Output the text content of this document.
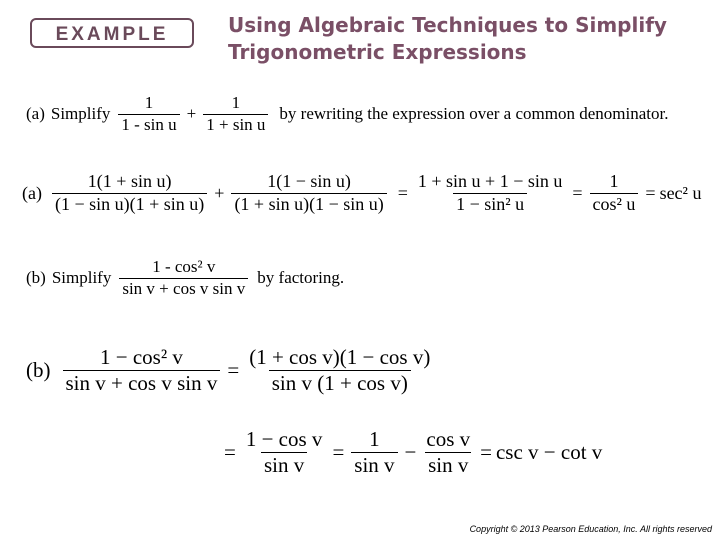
EXAMPLE	Using Algebraic Techniques to Simplify
Trigonometric Expressions
(a) Simplify $\frac{1}{\text{1 - sin u}} + \frac{1}{\text{1 + sin u}}$ by rewriting the expression over a common denominator.
$(a) \frac{\text{1(1 + sin u)}}{\text{(1 − sin u)(1 + sin u)}} + \frac{\text{1(1 − sin u)}}{\text{(1 + sin u)(1 − sin u)}} = \frac{\text{1 + sin u + 1 − sin u}}{\text{1 − sin² u}} = \frac{1}{\text{cos² u}} = \sec^2$ u
(b) Simplify $\frac{\text{1 - cos² v}}{\text{sin v + cos v sin v}}$ by factoring.
$(b) \frac{\text{1 − cos² v}}{\text{sin v + cos v sin v}} = \frac{\text{(1 + cos v)(1 − cos v)}}{\text{sin v (1 + cos v)}}$
= $\frac{\text{1 − cos v}}{\text{sin v}} = \frac{1}{\text{sin v}} - \frac{\text{cos v}}{\text{sin v}} = \csc v - \cot v$
Copyright © 2013 Pearson Education, Inc. All rights reserved
